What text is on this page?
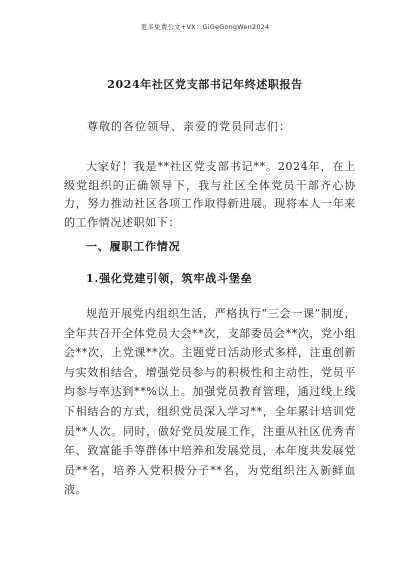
更多免费公文+VX：GiGeGongWen2024
2024年社区党支部书记年终述职报告
尊敬的各位领导、亲爱的党员同志们：

大家好！我是**社区党支部书记**。2024年，在上级党组织的正确领导下，我与社区全体党员干部齐心协力，努力推动社区各项工作取得新进展。现将本人一年来的工作情况述职如下：

一、履职工作情况
1.强化党建引领，筑牢战斗堡垒

规范开展党内组织生活，严格执行“三会一课”制度，全年共召开全体党员大会**次，支部委员会**次，党小组会**次，上党课**次。主题党日活动形式多样，注重创新与实效相结合，增强党员参与的积极性和主动性，党员平均参与率达到**%以上。加强党员教育管理，通过线上线下相结合的方式，组织党员深入学习**，全年累计培训党员**人次。同时，做好党员发展工作，注重从社区优秀青年、致富能手等群体中培养和发展党员，本年度共发展党员**名，培养入党积极分子**名，为党组织注入新鲜血液。
